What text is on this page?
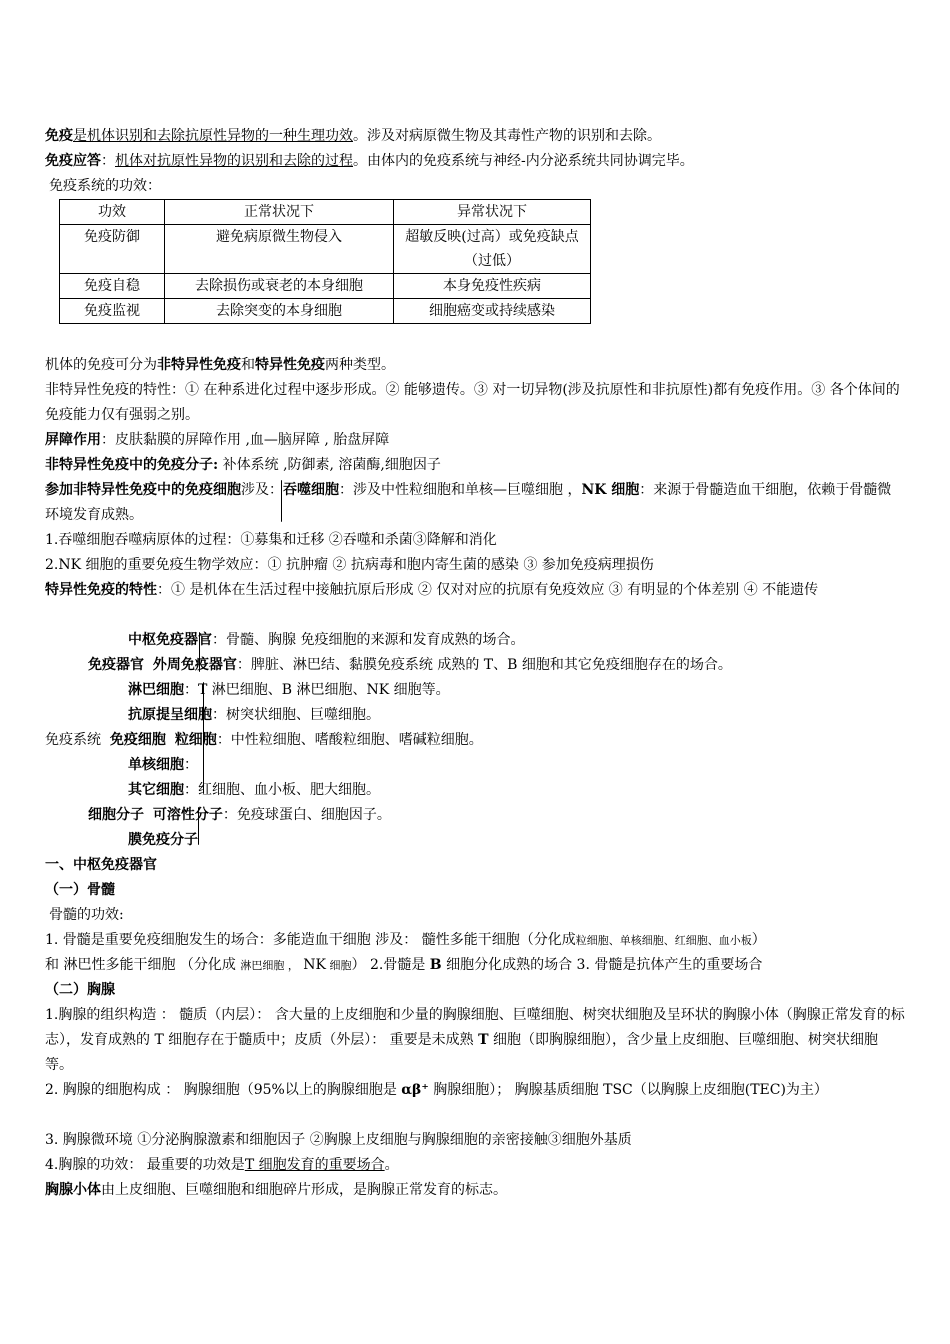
免疫是机体识别和去除抗原性异物的一种生理功效。涉及对病原微生物及其毒性产物的识别和去除。
免疫应答：机体对抗原性异物的识别和去除的过程。由体内的免疫系统与神经-内分泌系统共同协调完毕。
免疫系统的功效：
功效	正常状况下	异常状况下
免疫防御	避免病原微生物侵入	超敏反映(过高）或免疫缺点（过低）
免疫自稳	去除损伤或衰老的本身细胞	本身免疫性疾病
免疫监视	去除突变的本身细胞	细胞癌变或持续感染
机体的免疫可分为非特异性免疫和特异性免疫两种类型。
非特异性免疫的特性：① 在种系进化过程中逐步形成。② 能够遗传。③ 对一切异物(涉及抗原性和非抗原性)都有免疫作用。③ 各个体间的免疫能力仅有强弱之别。
屏障作用：皮肤黏膜的屏障作用 ,血—脑屏障 , 胎盘屏障
非特异性免疫中的免疫分子: 补体系统 ,防御素, 溶菌酶,细胞因子
参加非特异性免疫中的免疫细胞涉及：吞噬细胞：涉及中性粒细胞和单核—巨噬细胞 ，NK 细胞：来源于骨髓造血干细胞，依赖于骨髓微环境发育成熟。
1.吞噬细胞吞噬病原体的过程：①募集和迁移 ②吞噬和杀菌③降解和消化
2.NK 细胞的重要免疫生物学效应：① 抗肿瘤 ② 抗病毒和胞内寄生菌的感染 ③ 参加免疫病理损伤
特异性免疫的特性：① 是机体在生活过程中接触抗原后形成 ② 仅对对应的抗原有免疫效应 ③ 有明显的个体差别 ④ 不能遗传
中枢免疫器官：骨髓、胸腺 免疫细胞的来源和发育成熟的场合。
免疫器官 外周免疫器官：脾脏、淋巴结、黏膜免疫系统 成熟的 T、B 细胞和其它免疫细胞存在的场合。
淋巴细胞：T 淋巴细胞、B 淋巴细胞、NK 细胞等。
抗原提呈细胞：树突状细胞、巨噬细胞。
免疫系统 免疫细胞 粒细胞：中性粒细胞、嗜酸粒细胞、嗜碱粒细胞。
单核细胞：
其它细胞：红细胞、血小板、肥大细胞。
细胞分子 可溶性分子：免疫球蛋白、细胞因子。
膜免疫分子
一、中枢免疫器官
（一）骨髓
骨髓的功效:
1. 骨髓是重要免疫细胞发生的场合：多能造血干细胞 涉及： 髓性多能干细胞（分化成粒细胞、单核细胞、红细胞、血小板）
和 淋巴性多能干细胞 （分化成 淋巴细胞 ， NK 细胞） 2.骨髓是 B 细胞分化成熟的场合 3. 骨髓是抗体产生的重要场合
（二）胸腺
1.胸腺的组织构造 ： 髓质（内层）： 含大量的上皮细胞和少量的胸腺细胞、巨噬细胞、树突状细胞及呈环状的胸腺小体（胸腺正常发育的标志），发育成熟的 T 细胞存在于髓质中；皮质（外层）： 重要是未成熟 T 细胞（即胸腺细胞），含少量上皮细胞、巨噬细胞、树突状细胞等。
2. 胸腺的细胞构成 ： 胸腺细胞（95%以上的胸腺细胞是 αβ⁺ 胸腺细胞）； 胸腺基质细胞 TSC（以胸腺上皮细胞(TEC)为主）
3. 胸腺微环境 ①分泌胸腺激素和细胞因子 ②胸腺上皮细胞与胸腺细胞的亲密接触③细胞外基质
4.胸腺的功效： 最重要的功效是T 细胞发育的重要场合。
胸腺小体由上皮细胞、巨噬细胞和细胞碎片形成，是胸腺正常发育的标志。
